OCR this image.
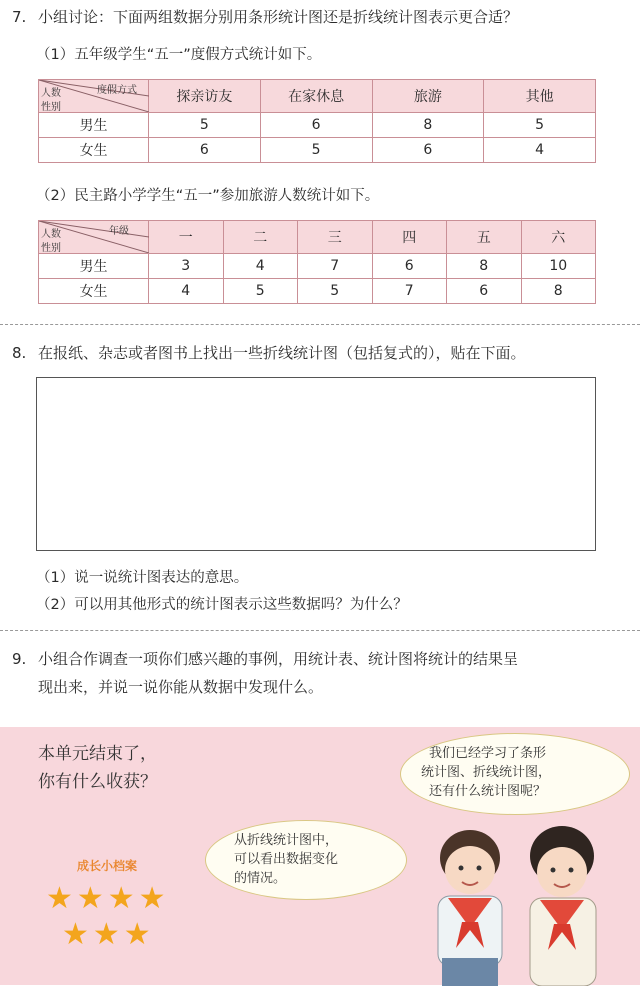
7. 小组讨论：下面两组数据分别用条形统计图还是折线统计图表示更合适？
（1）五年级学生“五一”度假方式统计如下。
度假方式
人数
性别	探亲访友	在家休息	旅游	其他
男生	5	6	8	5
女生	6	5	6	4
（2）民主路小学学生“五一”参加旅游人数统计如下。
年级
人数
性别	一	二	三	四	五	六
男生	3	4	7	6	8	10
女生	4	5	5	7	6	8
8. 在报纸、杂志或者图书上找出一些折线统计图（包括复式的），贴在下面。
（1）说一说统计图表达的意思。
（2）可以用其他形式的统计图表示这些数据吗？为什么？
9. 小组合作调查一项你们感兴趣的事例，用统计表、统计图将统计的结果呈
现出来，并说一说你能从数据中发现什么。
本单元结束了，
你有什么收获？
我们已经学习了条形
统计图、折线统计图，
还有什么统计图呢？
从折线统计图中，
可以看出数据变化
的情况。
成长小档案
★★★★
★★★
